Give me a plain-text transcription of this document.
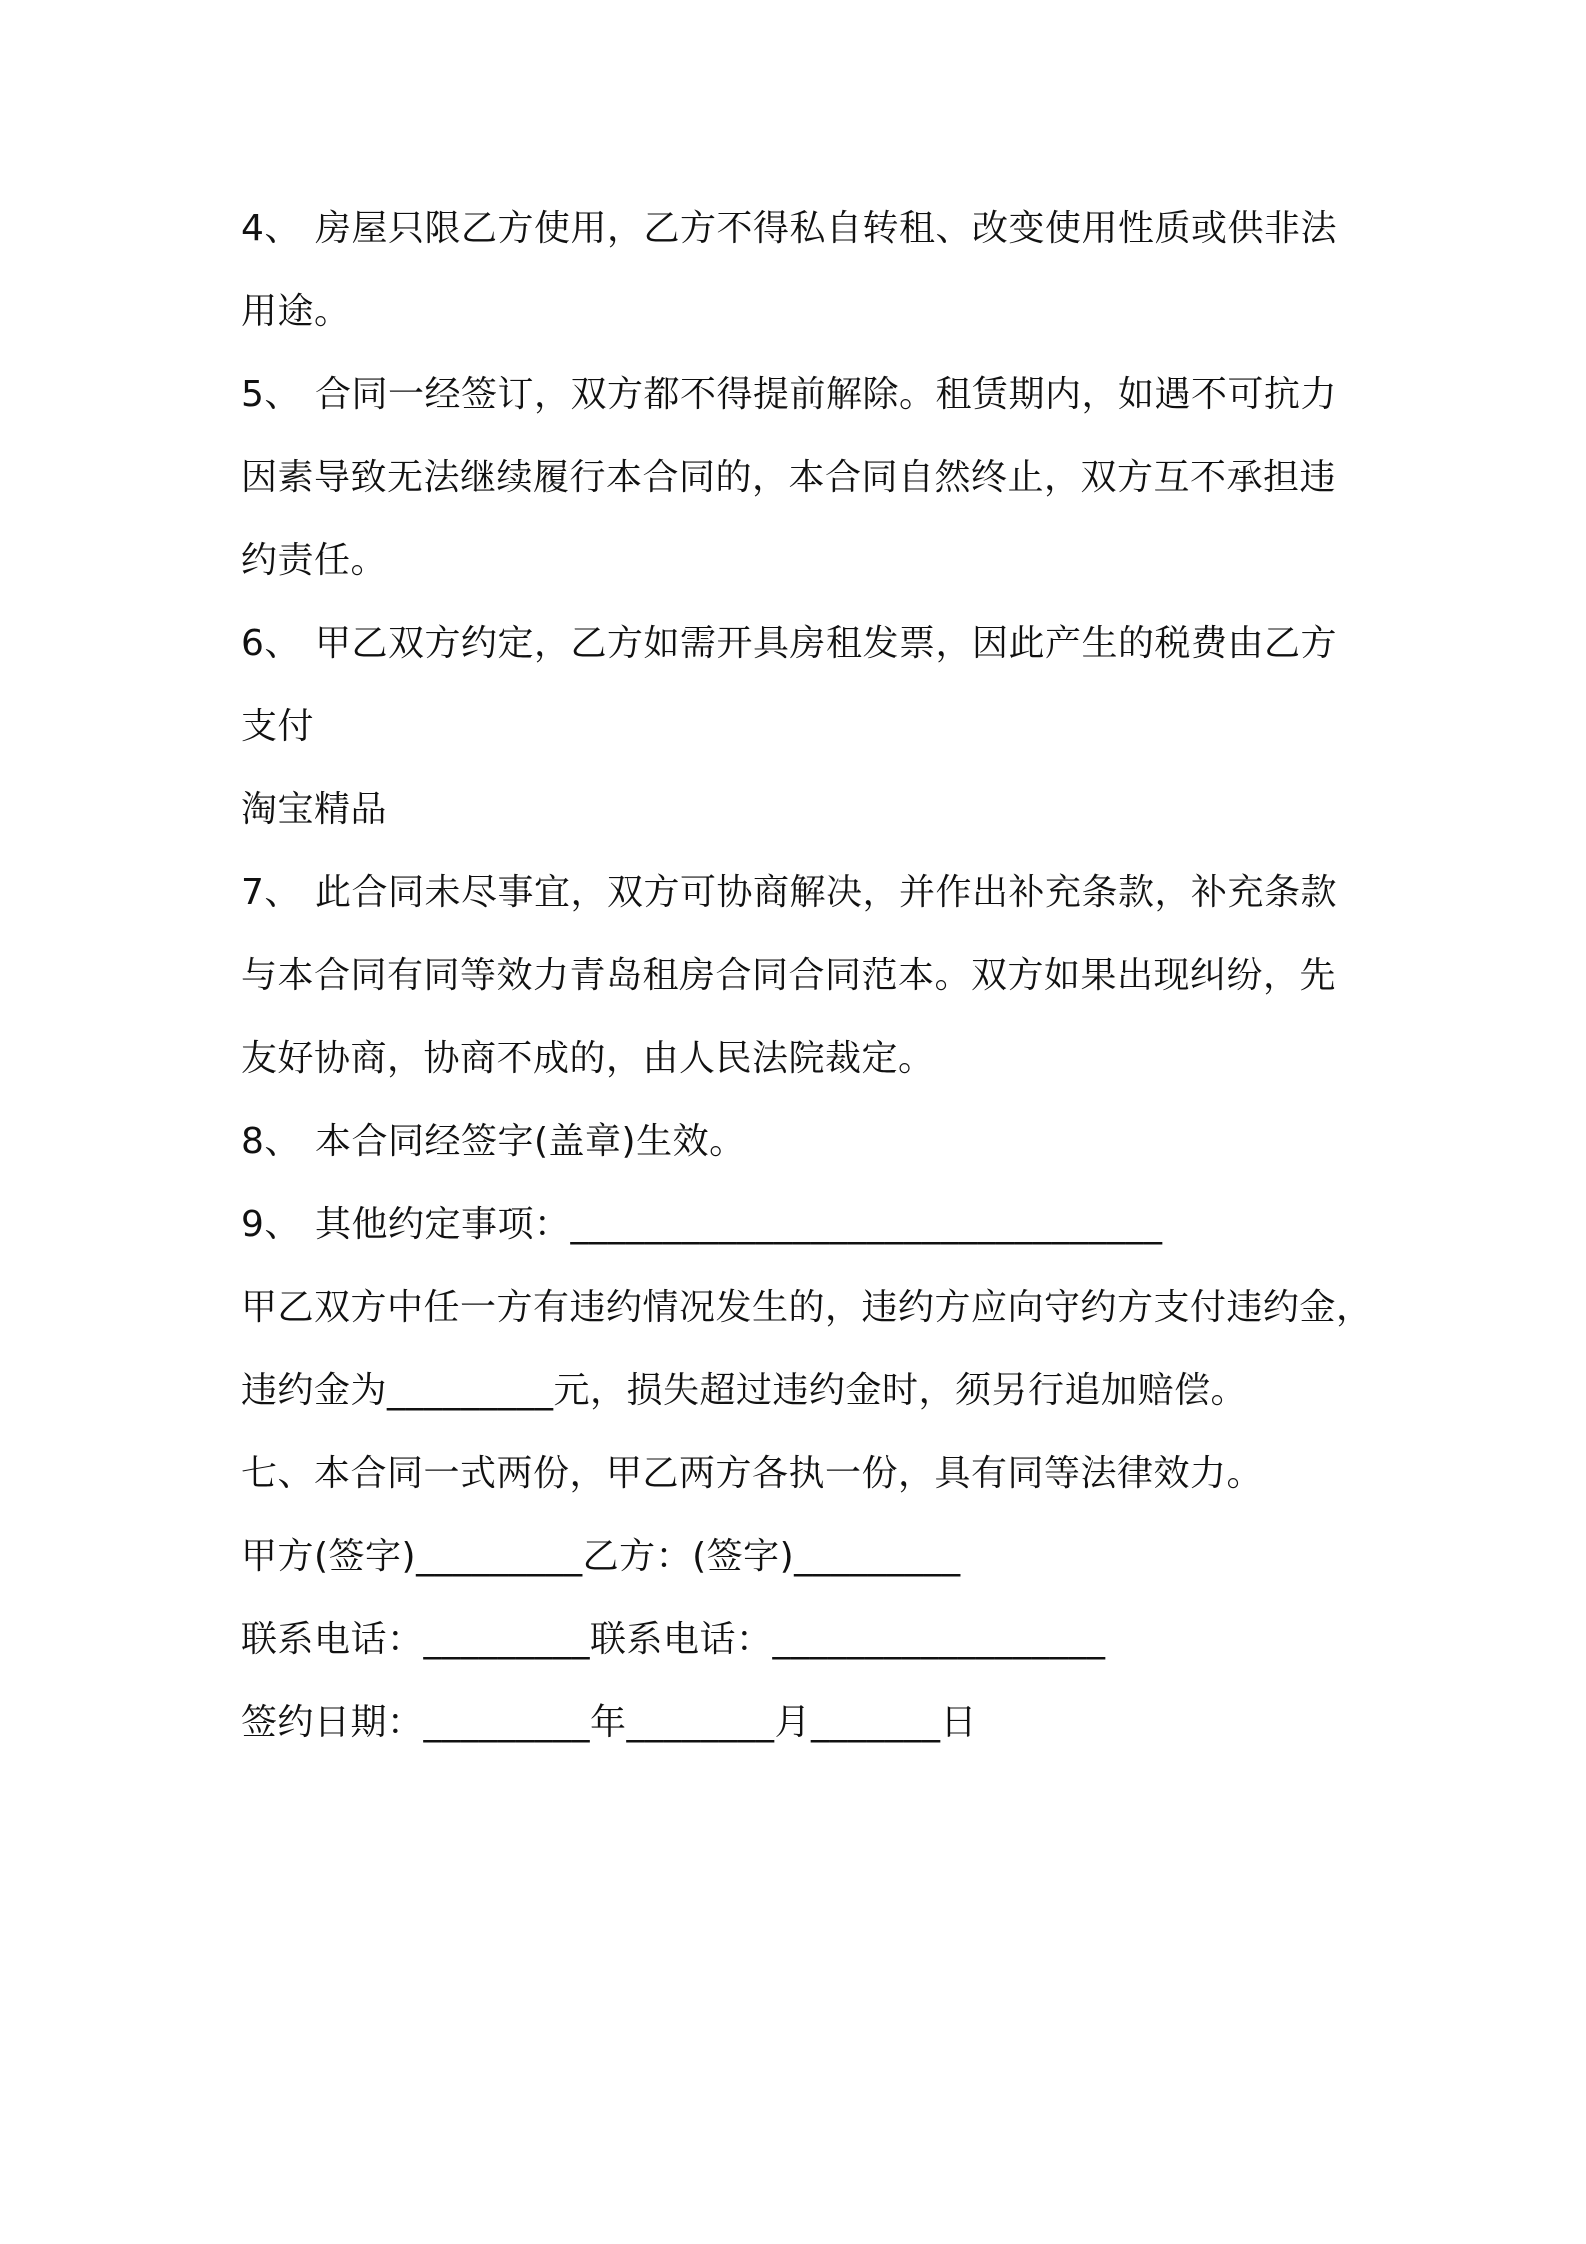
4、 房屋只限乙方使用，乙方不得私自转租、改变使用性质或供非法
用途。
5、 合同一经签订，双方都不得提前解除。租赁期内，如遇不可抗力
因素导致无法继续履行本合同的，本合同自然终止，双方互不承担违
约责任。
6、 甲乙双方约定，乙方如需开具房租发票，因此产生的税费由乙方
支付
淘宝精品
7、 此合同未尽事宜，双方可协商解决，并作出补充条款，补充条款
与本合同有同等效力青岛租房合同合同范本。双方如果出现纠纷，先
友好协商，协商不成的，由人民法院裁定。
8、 本合同经签字(盖章)生效。
9、 其他约定事项：________________________________
甲乙双方中任一方有违约情况发生的，违约方应向守约方支付违约金，
违约金为_________元，损失超过违约金时，须另行追加赔偿。
七、本合同一式两份，甲乙两方各执一份，具有同等法律效力。
甲方(签字)_________乙方：(签字)_________
联系电话：_________联系电话：__________________
签约日期：_________年________月_______日
